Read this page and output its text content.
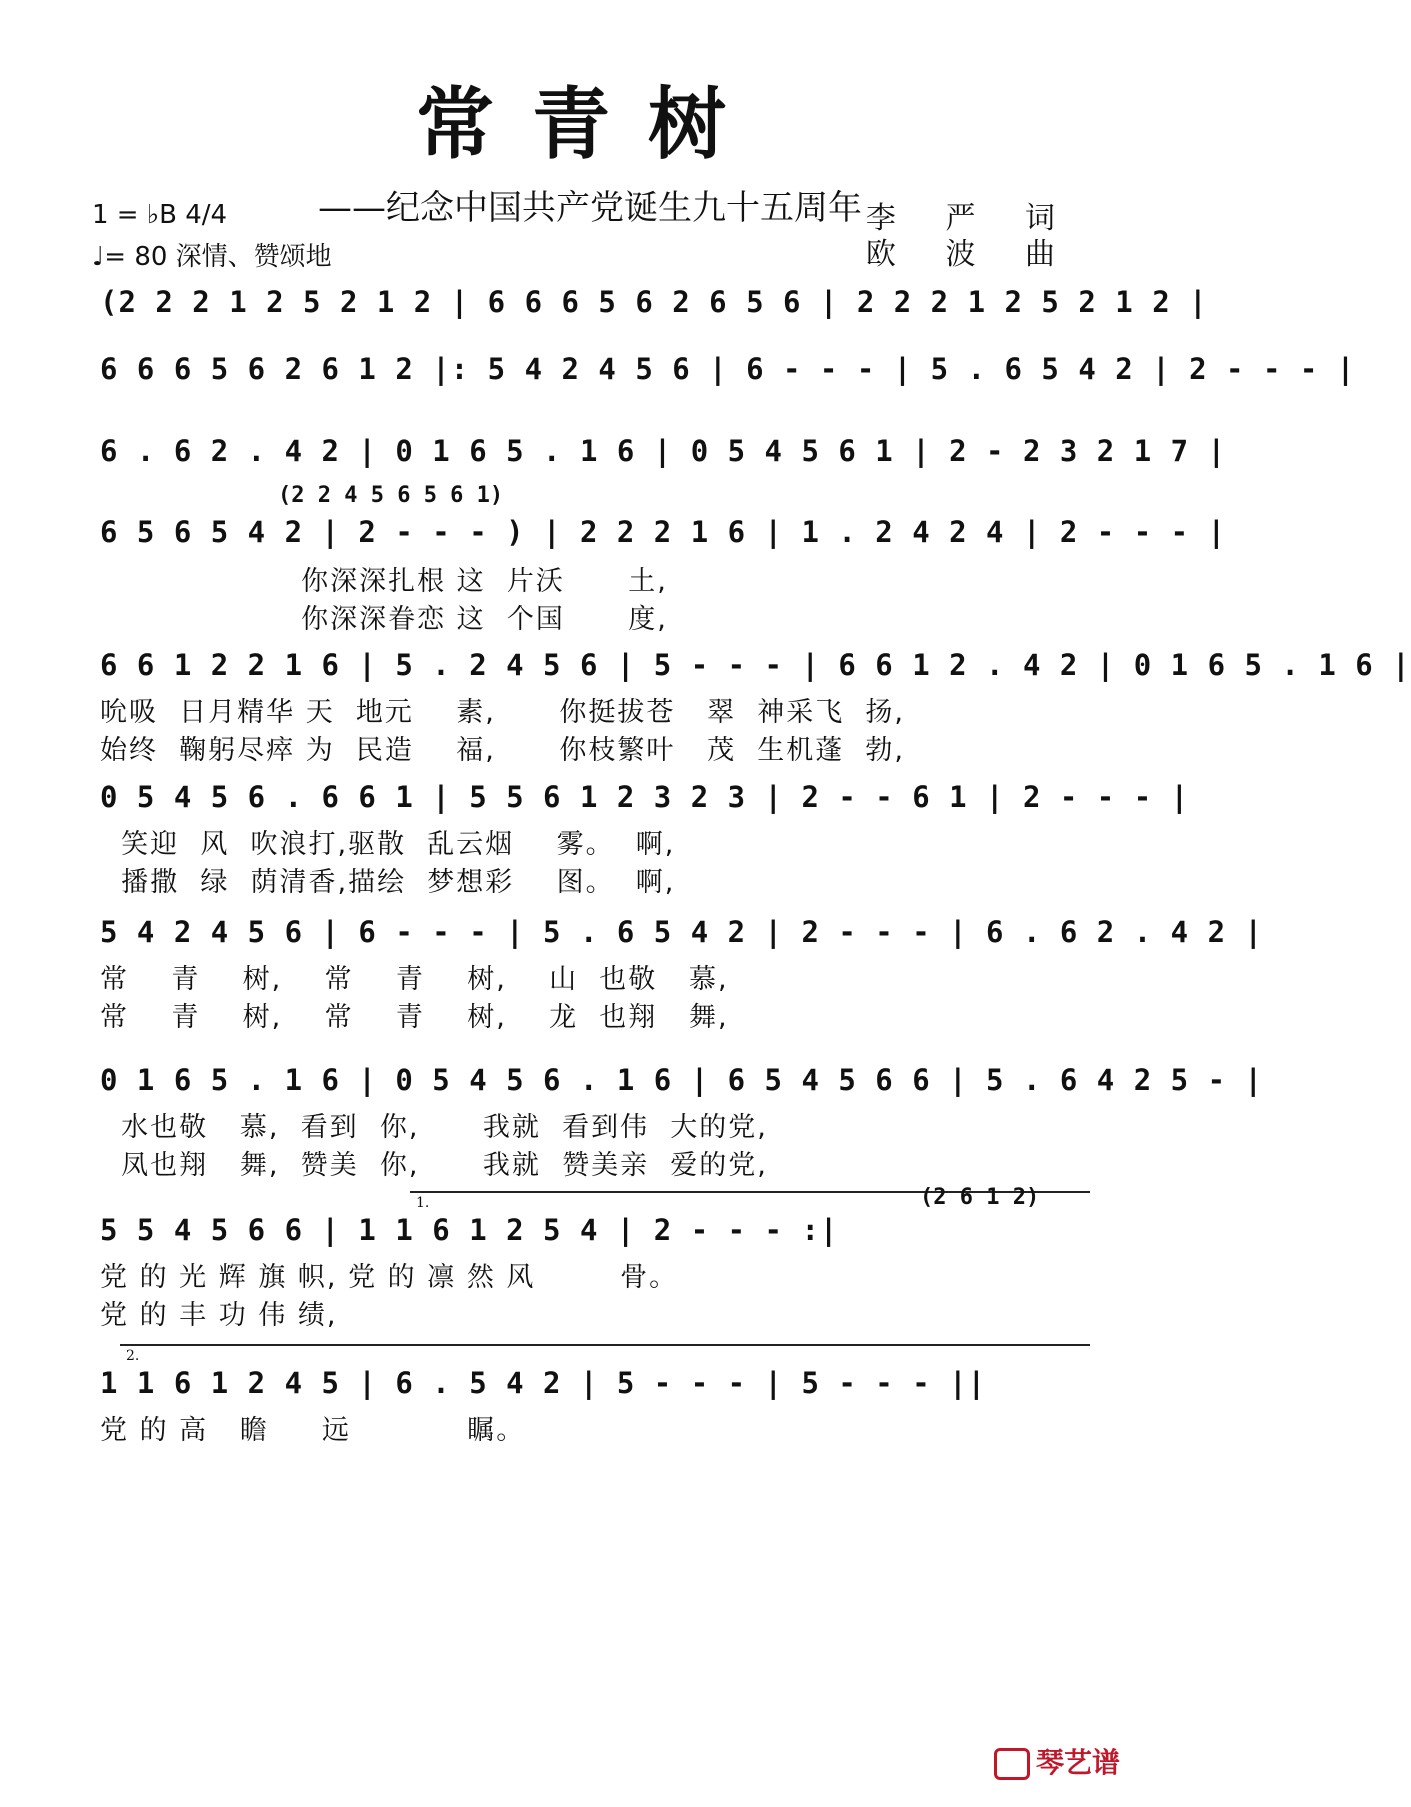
常青树
——纪念中国共产党诞生九十五周年
1 = ♭B 4/4
♩= 80 深情、赞颂地
李 严 词
欧 波 曲
(2 2 2 1 2 5 2 1 2 | 6 6 6 5 6 2 6 5 6 | 2 2 2 1 2 5 2 1 2 |
6 6 6 5 6 2 6 1 2 |: 5 4 2 4 5 6 | 6 - - - | 5 . 6 5 4 2 | 2 - - - |
6 . 6 2 . 4 2 | 0 1 6 5 . 1 6 | 0 5 4 5 6 1 | 2 - 2 3 2 1 7 |
(2 2 4 5 6 5 6 1)
6 5 6 5 4 2 | 2 - - - ) | 2 2 2 1 6 | 1 . 2 4 2 4 | 2 - - - |
你深深扎根 这  片沃      土,
你深深眷恋 这  个国      度,
6 6 1 2 2 1 6 | 5 . 2 4 5 6 | 5 - - - | 6 6 1 2 . 4 2 | 0 1 6 5 . 1 6 |
吮吸  日月精华 天  地元    素,      你挺拔苍   翠  神采飞  扬,
始终  鞠躬尽瘁 为  民造    福,      你枝繁叶   茂  生机蓬  勃,
0 5 4 5 6 . 6 6 1 | 5 5 6 1 2 3 2 3 | 2 - - 6 1 | 2 - - - |
笑迎  风  吹浪打,驱散  乱云烟    雾。  啊,
播撒  绿  荫清香,描绘  梦想彩    图。  啊,
5 4 2 4 5 6 | 6 - - - | 5 . 6 5 4 2 | 2 - - - | 6 . 6 2 . 4 2 |
常    青    树,    常    青    树,    山  也敬   慕,
常    青    树,    常    青    树,    龙  也翔   舞,
0 1 6 5 . 1 6 | 0 5 4 5 6 . 1 6 | 6 5 4 5 6 6 | 5 . 6 4 2 5 - |
水也敬   慕,  看到  你,      我就  看到伟  大的党,
凤也翔   舞,  赞美  你,      我就  赞美亲  爱的党,
1.	(2 6 1 2)
5 5 4 5 6 6 | 1 1 6 1 2 5 4 | 2 - - - :|
党 的 光 辉 旗 帜, 党 的 凛 然 风        骨。
党 的 丰 功 伟 绩,
2.
1 1 6 1 2 4 5 | 6 . 5 4 2 | 5 - - - | 5 - - - ||
党 的 高   瞻     远           瞩。
琴艺谱
